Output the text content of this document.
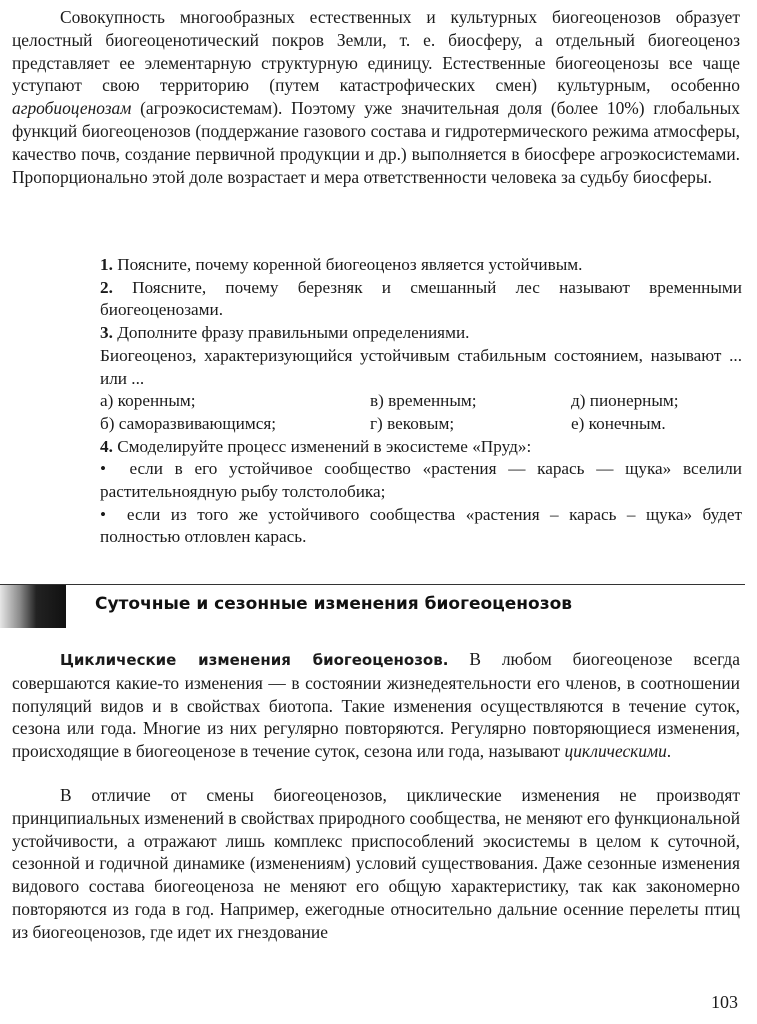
Совокупность многообразных естественных и культурных биогеоценозов образует целостный биогеоценотический покров Земли, т. е. биосферу, а отдельный биогеоценоз представляет ее элементарную структурную единицу. Естественные биогеоценозы все чаще уступают свою территорию (путем катастрофических смен) культурным, особенно агробиоценозам (агроэкосистемам). Поэтому уже значительная доля (более 10%) глобальных функций биогеоценозов (поддержание газового состава и гидротермического режима атмосферы, качество почв, создание первичной продукции и др.) выполняется в биосфере агроэкосистемами. Пропорционально этой доле возрастает и мера ответственности человека за судьбу биосферы.
1. Поясните, почему коренной биогеоценоз является устойчивым.
2. Поясните, почему березняк и смешанный лес называют временными биогеоценозами.
3. Дополните фразу правильными определениями.
Биогеоценоз, характеризующийся устойчивым стабильным состоянием, называют ... или ...
а) коренным;	в) временным;	д) пионерным;
б) саморазвивающимся;	г) вековым;	е) конечным.
4. Смоделируйте процесс изменений в экосистеме «Пруд»:
• если в его устойчивое сообщество «растения — карась — щука» вселили растительноядную рыбу толстолобика;
• если из того же устойчивого сообщества «растения – карась – щука» будет полностью отловлен карась.
Суточные и сезонные изменения биогеоценозов
Циклические изменения биогеоценозов. В любом биогеоценозе всегда совершаются какие-то изменения — в состоянии жизнедеятельности его членов, в соотношении популяций видов и в свойствах биотопа. Такие изменения осуществляются в течение суток, сезона или года. Многие из них регулярно повторяются. Регулярно повторяющиеся изменения, происходящие в биогеоценозе в течение суток, сезона или года, называют циклическими.
В отличие от смены биогеоценозов, циклические изменения не производят принципиальных изменений в свойствах природного сообщества, не меняют его функциональной устойчивости, а отражают лишь комплекс приспособлений экосистемы в целом к суточной, сезонной и годичной динамике (изменениям) условий существования. Даже сезонные изменения видового состава биогеоценоза не меняют его общую характеристику, так как закономерно повторяются из года в год. Например, ежегодные относительно дальние осенние перелеты птиц из биогеоценозов, где идет их гнездование
103
